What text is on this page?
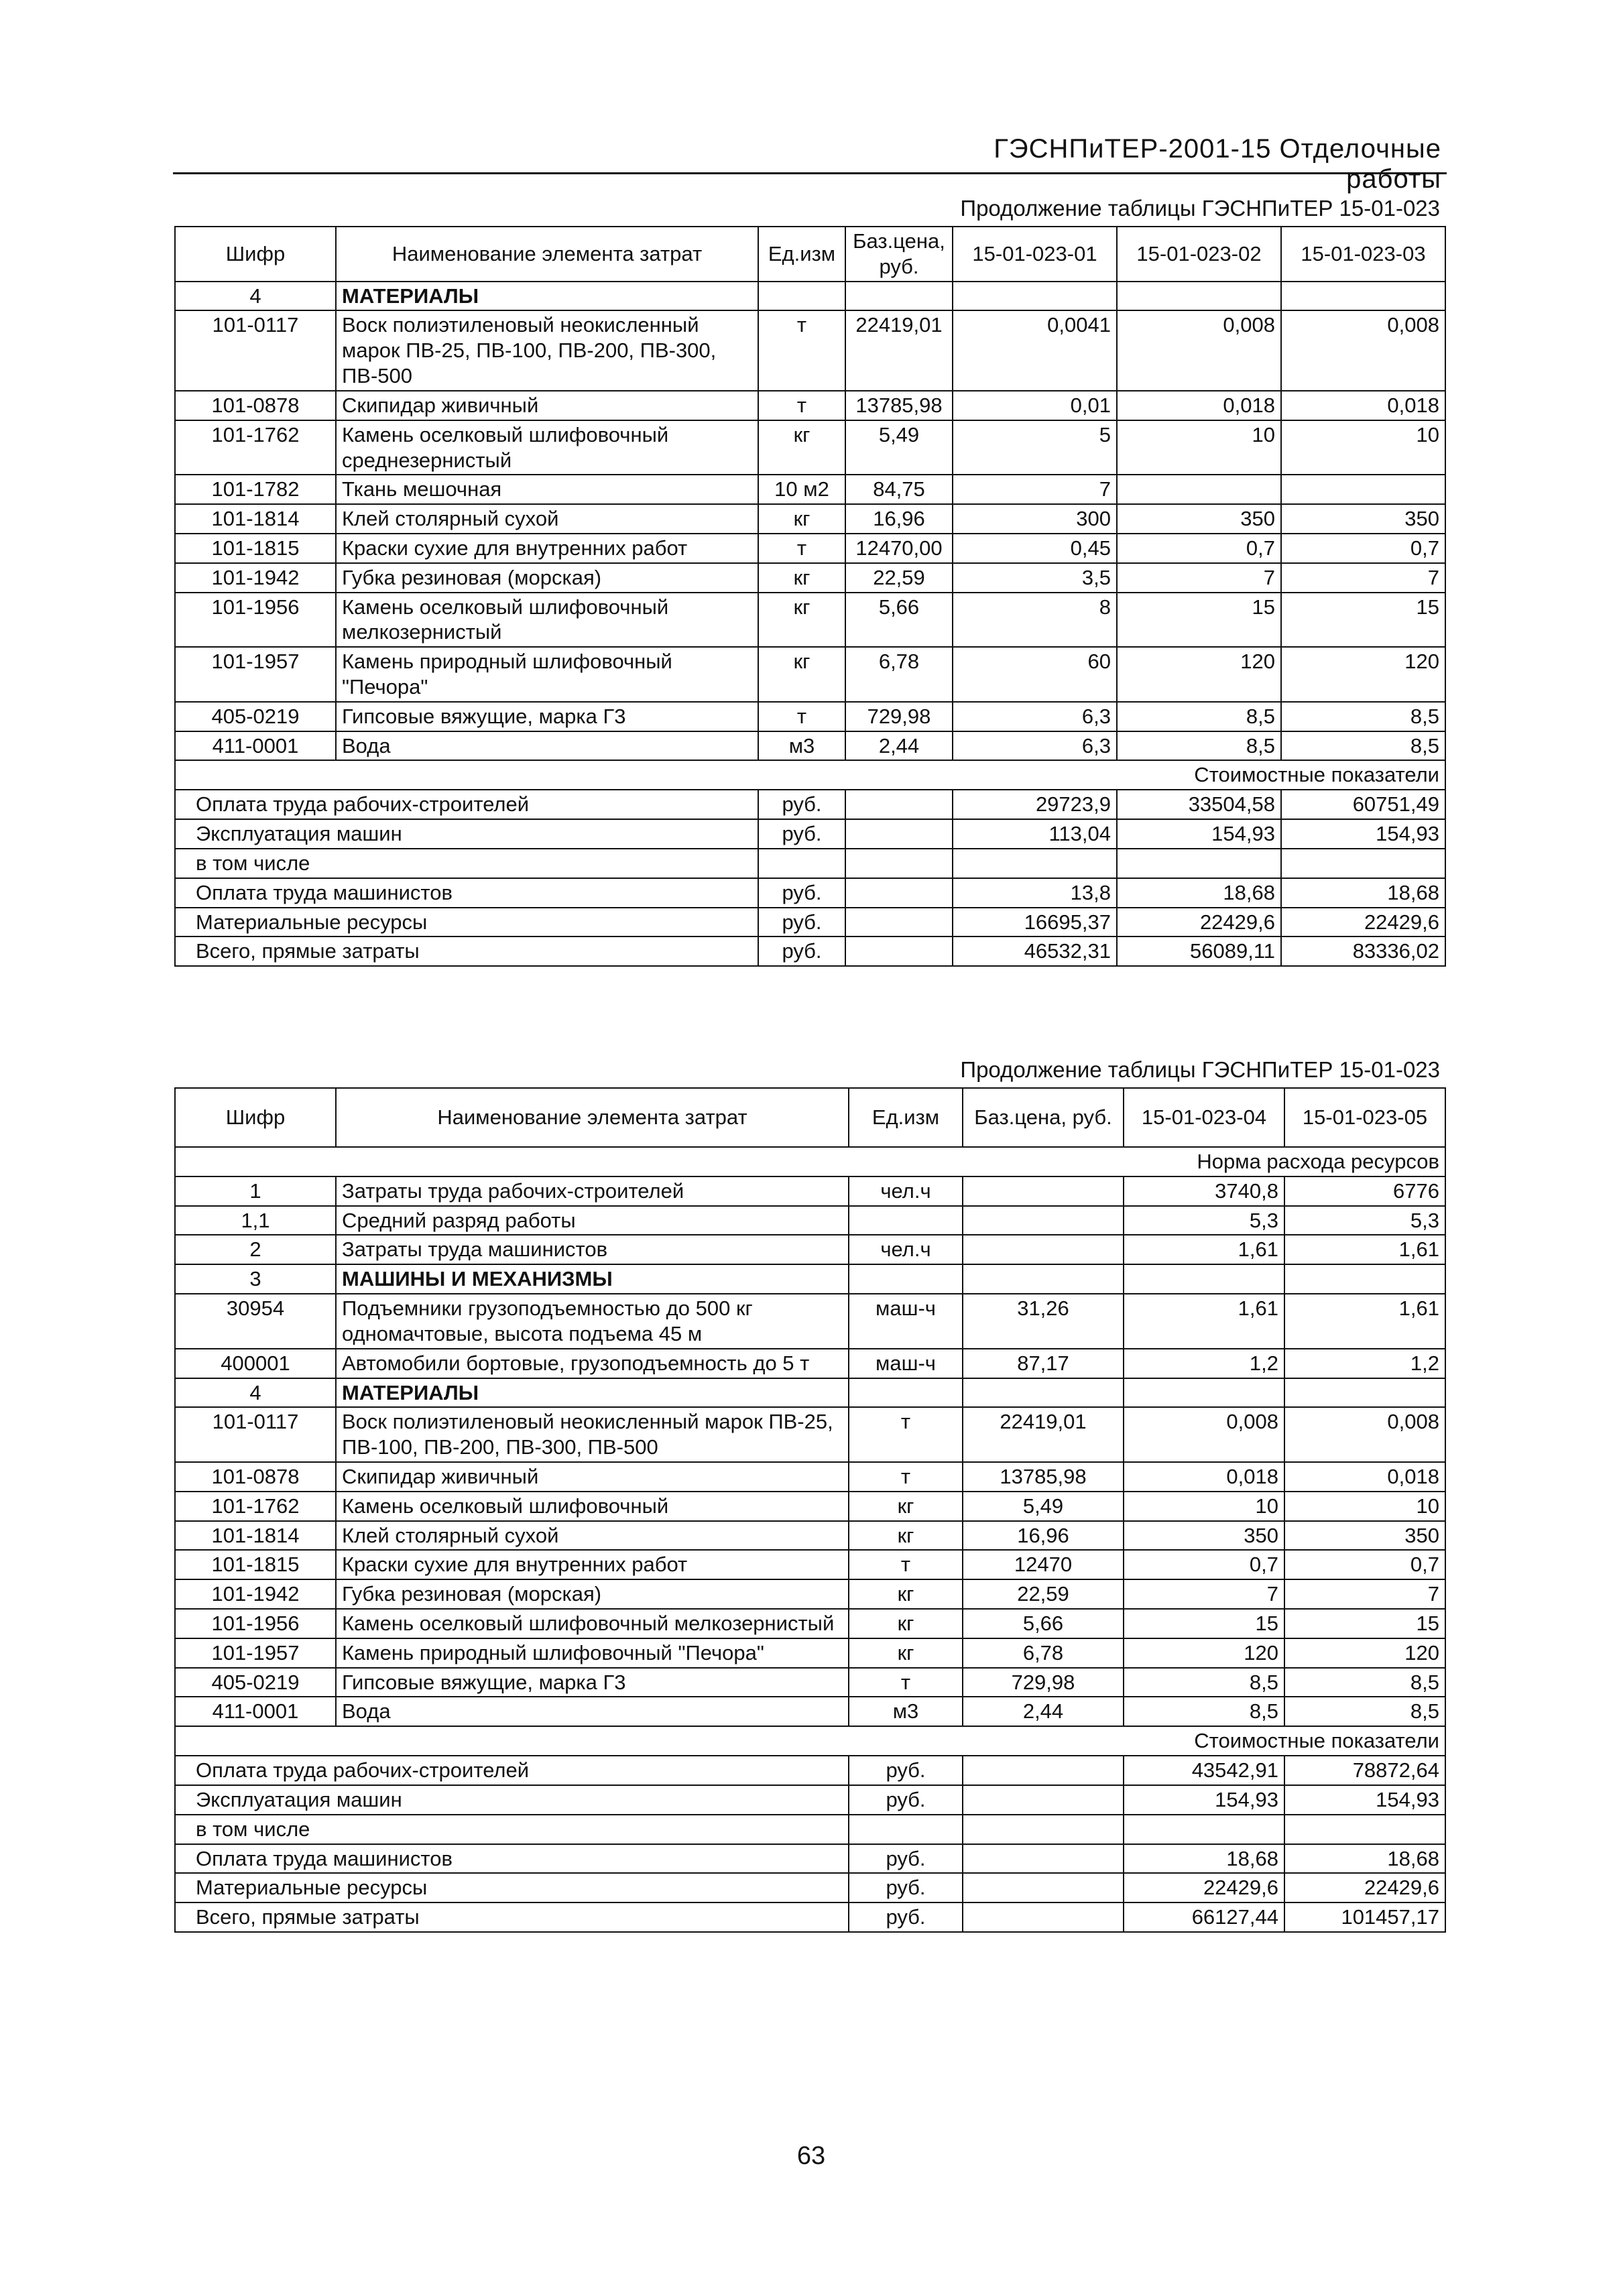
ГЭСНПиТЕР-2001-15 Отделочные работы
Продолжение таблицы ГЭСНПиТЕР 15-01-023
Шифр	Наименование элемента затрат	Ед.изм	Баз.цена, руб.	15-01-023-01	15-01-023-02	15-01-023-03
4	МАТЕРИАЛЫ					
101-0117	Воск полиэтиленовый неокисленный марок ПВ-25, ПВ-100, ПВ-200, ПВ-300, ПВ-500	т	22419,01	0,0041	0,008	0,008
101-0878	Скипидар живичный	т	13785,98	0,01	0,018	0,018
101-1762	Камень оселковый шлифовочный среднезернистый	кг	5,49	5	10	10
101-1782	Ткань мешочная	10 м2	84,75	7		
101-1814	Клей столярный сухой	кг	16,96	300	350	350
101-1815	Краски сухие для внутренних работ	т	12470,00	0,45	0,7	0,7
101-1942	Губка резиновая (морская)	кг	22,59	3,5	7	7
101-1956	Камень оселковый шлифовочный мелкозернистый	кг	5,66	8	15	15
101-1957	Камень природный шлифовочный "Печора"	кг	6,78	60	120	120
405-0219	Гипсовые вяжущие, марка Г3	т	729,98	6,3	8,5	8,5
411-0001	Вода	м3	2,44	6,3	8,5	8,5
Стоимостные показатели						
Оплата труда рабочих-строителей		руб.		29723,9	33504,58	60751,49
Эксплуатация машин		руб.		113,04	154,93	154,93
в том числе						
Оплата труда машинистов		руб.		13,8	18,68	18,68
Материальные ресурсы		руб.		16695,37	22429,6	22429,6
Всего, прямые затраты		руб.		46532,31	56089,11	83336,02
Продолжение таблицы ГЭСНПиТЕР 15-01-023
Шифр	Наименование элемента затрат	Ед.изм	Баз.цена, руб.	15-01-023-04	15-01-023-05
Норма расхода ресурсов					
1	Затраты труда рабочих-строителей	чел.ч		3740,8	6776
1,1	Средний разряд работы			5,3	5,3
2	Затраты труда машинистов	чел.ч		1,61	1,61
3	МАШИНЫ И МЕХАНИЗМЫ				
30954	Подъемники грузоподъемностью до 500 кг одномачтовые, высота подъема 45 м	маш-ч	31,26	1,61	1,61
400001	Автомобили бортовые, грузоподъемность до 5 т	маш-ч	87,17	1,2	1,2
4	МАТЕРИАЛЫ				
101-0117	Воск полиэтиленовый неокисленный марок ПВ-25, ПВ-100, ПВ-200, ПВ-300, ПВ-500	т	22419,01	0,008	0,008
101-0878	Скипидар живичный	т	13785,98	0,018	0,018
101-1762	Камень оселковый шлифовочный	кг	5,49	10	10
101-1814	Клей столярный сухой	кг	16,96	350	350
101-1815	Краски сухие для внутренних работ	т	12470	0,7	0,7
101-1942	Губка резиновая (морская)	кг	22,59	7	7
101-1956	Камень оселковый шлифовочный мелкозернистый	кг	5,66	15	15
101-1957	Камень природный шлифовочный "Печора"	кг	6,78	120	120
405-0219	Гипсовые вяжущие, марка Г3	т	729,98	8,5	8,5
411-0001	Вода	м3	2,44	8,5	8,5
Стоимостные показатели					
Оплата труда рабочих-строителей		руб.		43542,91	78872,64
Эксплуатация машин		руб.		154,93	154,93
в том числе					
Оплата труда машинистов		руб.		18,68	18,68
Материальные ресурсы		руб.		22429,6	22429,6
Всего, прямые затраты		руб.		66127,44	101457,17
63
